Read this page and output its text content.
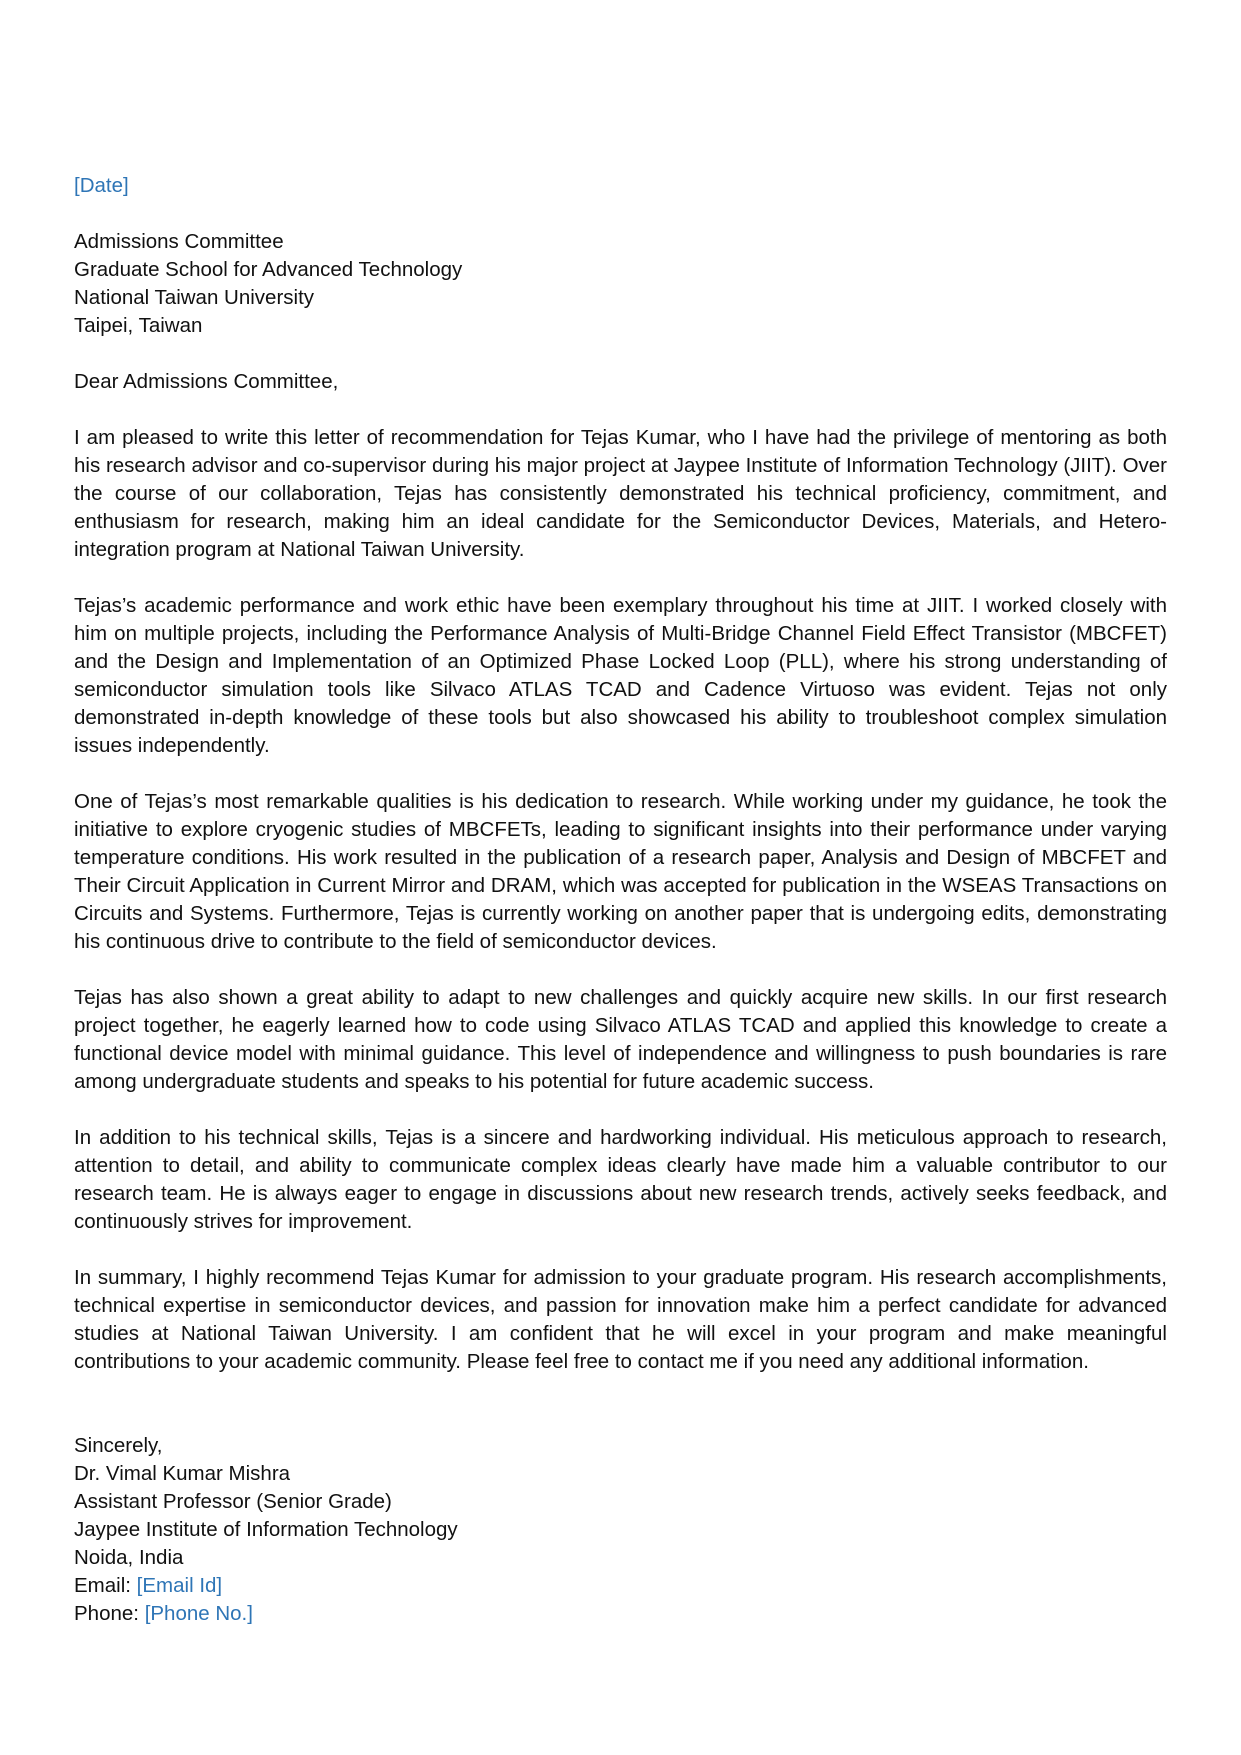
[Date]
Admissions Committee
Graduate School for Advanced Technology
National Taiwan University
Taipei, Taiwan
Dear Admissions Committee,

I am pleased to write this letter of recommendation for Tejas Kumar, who I have had the privilege of mentoring as both his research advisor and co-supervisor during his major project at Jaypee Institute of Information Technology (JIIT). Over the course of our collaboration, Tejas has consistently demonstrated his technical proficiency, commitment, and enthusiasm for research, making him an ideal candidate for the Semiconductor Devices, Materials, and Hetero-integration program at National Taiwan University.

Tejas’s academic performance and work ethic have been exemplary throughout his time at JIIT. I worked closely with him on multiple projects, including the Performance Analysis of Multi-Bridge Channel Field Effect Transistor (MBCFET) and the Design and Implementation of an Optimized Phase Locked Loop (PLL), where his strong understanding of semiconductor simulation tools like Silvaco ATLAS TCAD and Cadence Virtuoso was evident. Tejas not only demonstrated in-depth knowledge of these tools but also showcased his ability to troubleshoot complex simulation issues independently.

One of Tejas’s most remarkable qualities is his dedication to research. While working under my guidance, he took the initiative to explore cryogenic studies of MBCFETs, leading to significant insights into their performance under varying temperature conditions. His work resulted in the publication of a research paper, Analysis and Design of MBCFET and Their Circuit Application in Current Mirror and DRAM, which was accepted for publication in the WSEAS Transactions on Circuits and Systems. Furthermore, Tejas is currently working on another paper that is undergoing edits, demonstrating his continuous drive to contribute to the field of semiconductor devices.

Tejas has also shown a great ability to adapt to new challenges and quickly acquire new skills. In our first research project together, he eagerly learned how to code using Silvaco ATLAS TCAD and applied this knowledge to create a functional device model with minimal guidance. This level of independence and willingness to push boundaries is rare among undergraduate students and speaks to his potential for future academic success.

In addition to his technical skills, Tejas is a sincere and hardworking individual. His meticulous approach to research, attention to detail, and ability to communicate complex ideas clearly have made him a valuable contributor to our research team. He is always eager to engage in discussions about new research trends, actively seeks feedback, and continuously strives for improvement.

In summary, I highly recommend Tejas Kumar for admission to your graduate program. His research accomplishments, technical expertise in semiconductor devices, and passion for innovation make him a perfect candidate for advanced studies at National Taiwan University. I am confident that he will excel in your program and make meaningful contributions to your academic community. Please feel free to contact me if you need any additional information.

Sincerely,
Dr. Vimal Kumar Mishra
Assistant Professor (Senior Grade)
Jaypee Institute of Information Technology
Noida, India
Email: [Email Id]
Phone: [Phone No.]
